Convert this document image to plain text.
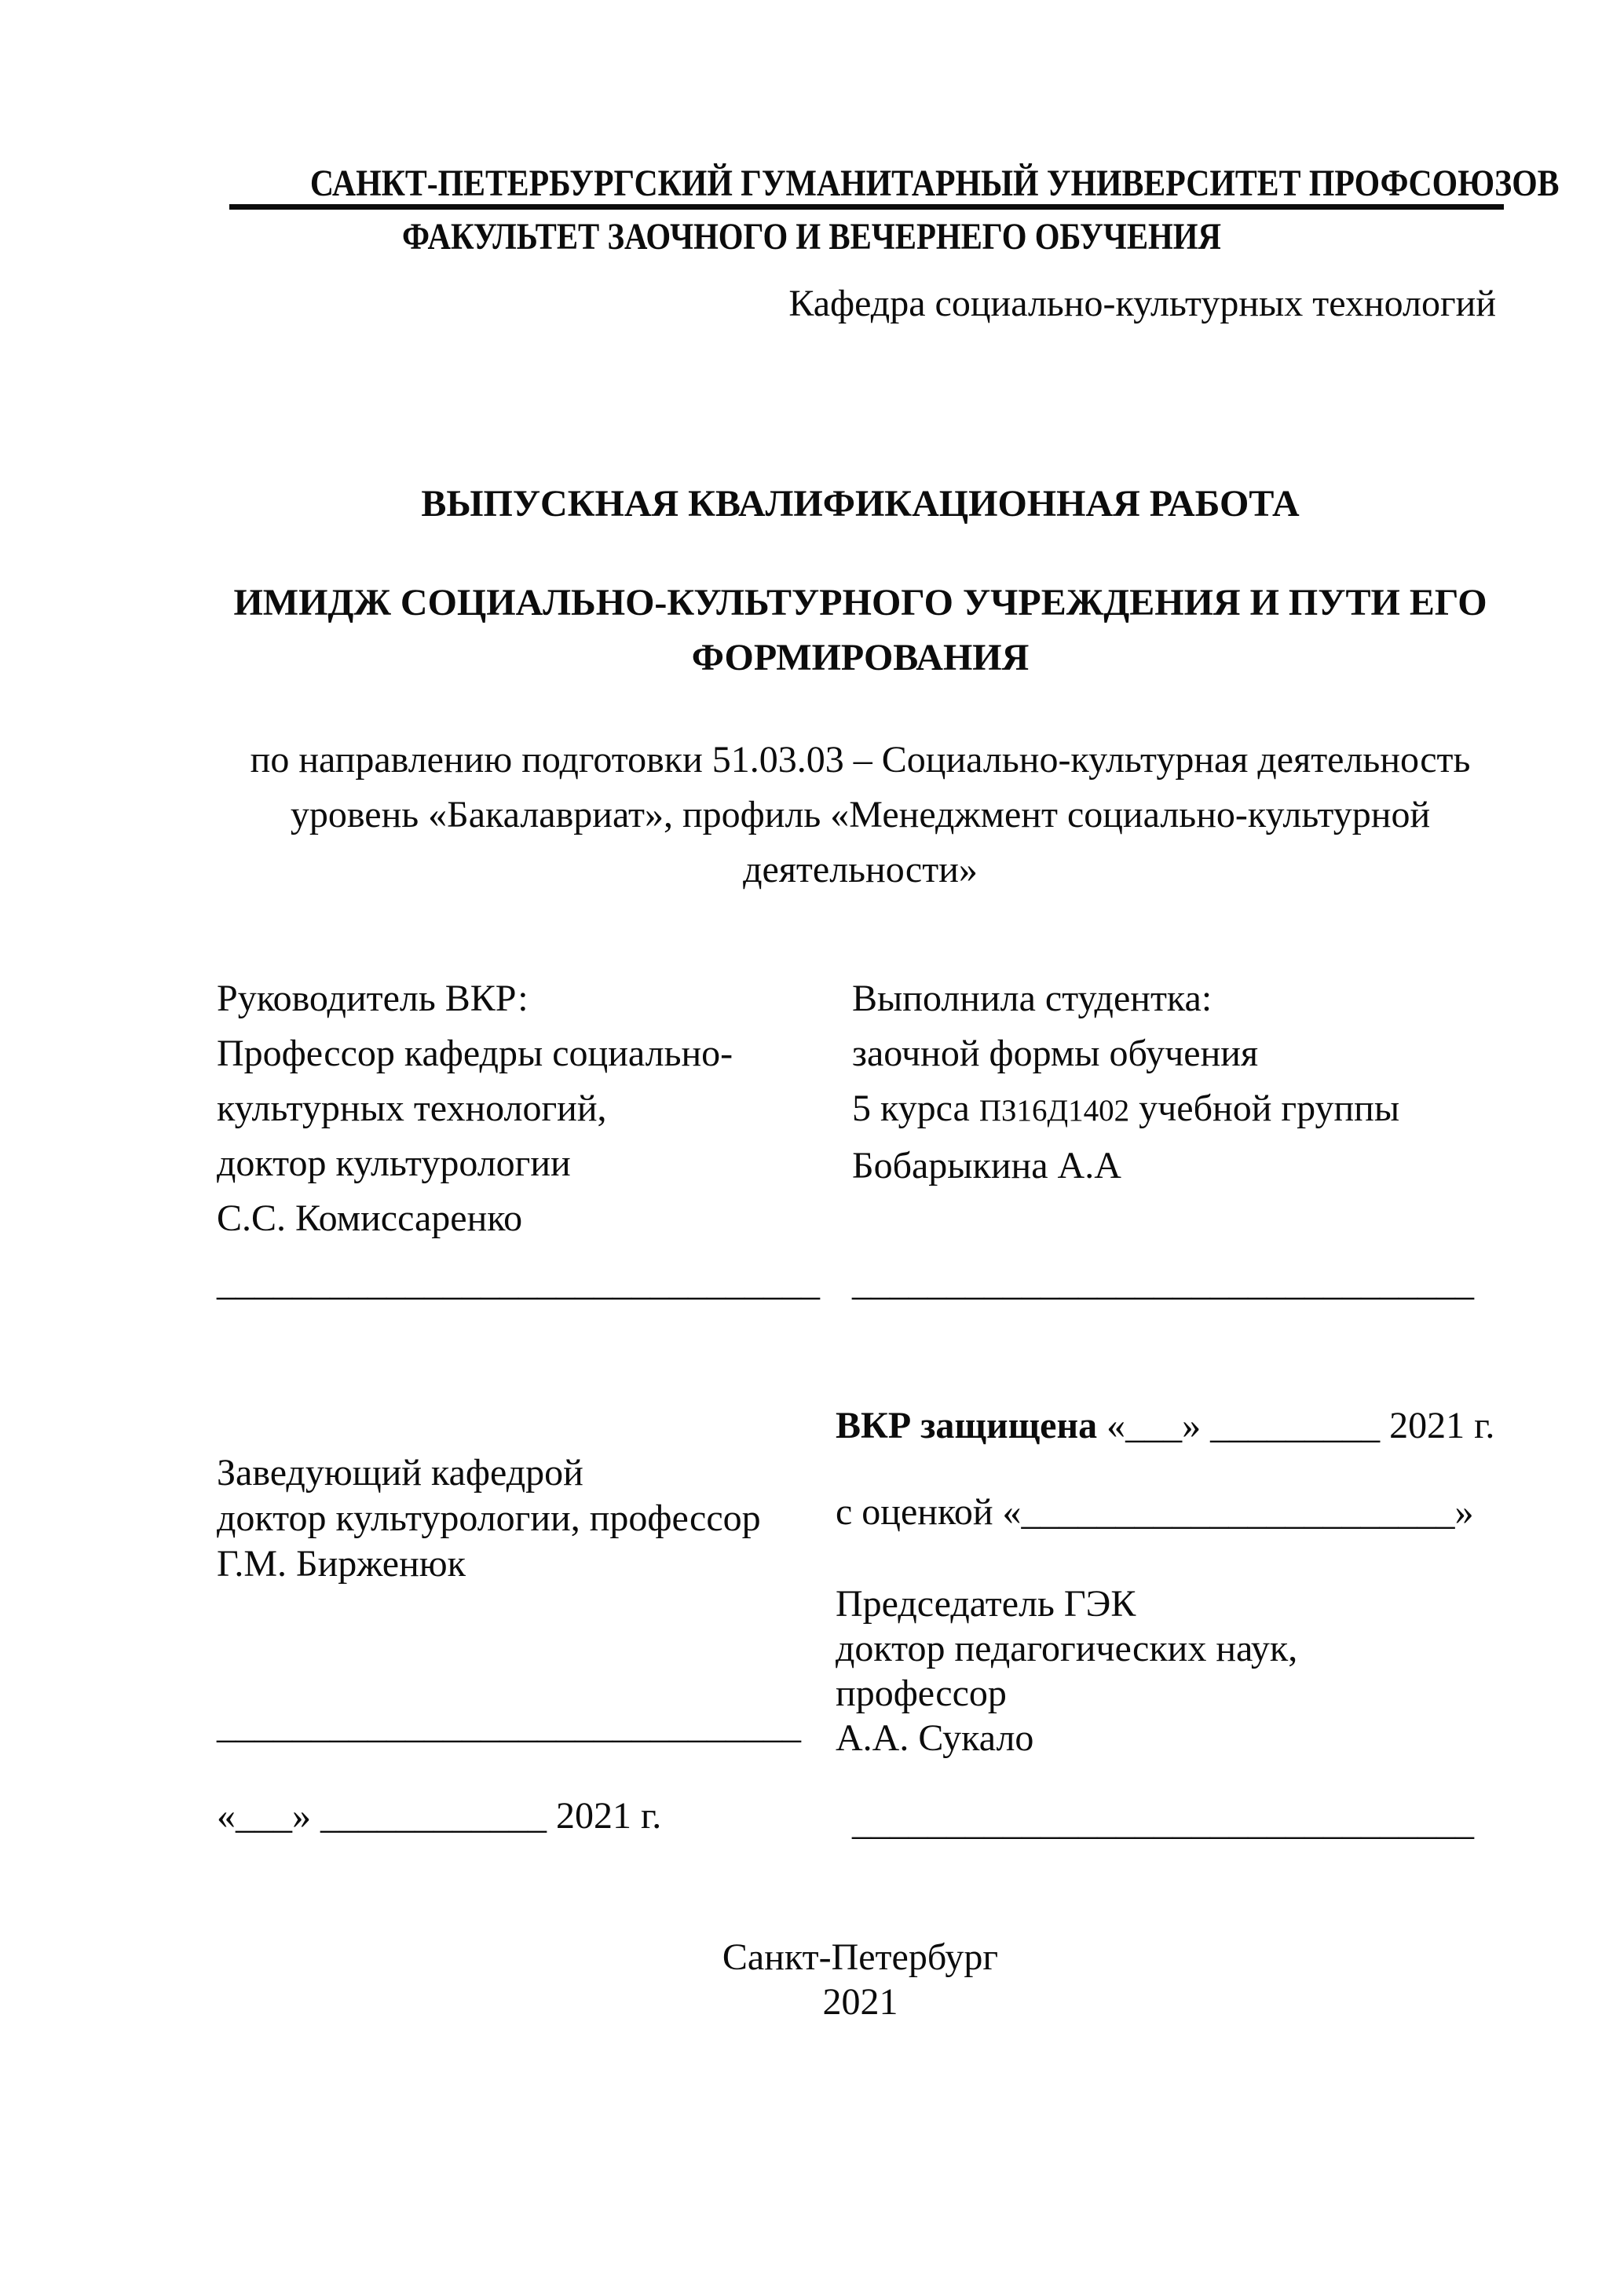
САНКТ-ПЕТЕРБУРГСКИЙ ГУМАНИТАРНЫЙ УНИВЕРСИТЕТ ПРОФСОЮЗОВ
ФАКУЛЬТЕТ ЗАОЧНОГО И ВЕЧЕРНЕГО ОБУЧЕНИЯ
Кафедра социально-культурных технологий
ВЫПУСКНАЯ КВАЛИФИКАЦИОННАЯ РАБОТА
ИМИДЖ СОЦИАЛЬНО-КУЛЬТУРНОГО УЧРЕЖДЕНИЯ И ПУТИ ЕГО
ФОРМИРОВАНИЯ
по направлению подготовки 51.03.03 – Социально-культурная деятельность
уровень «Бакалавриат», профиль «Менеджмент социально-культурной
деятельности»
Руководитель ВКР:
Профессор кафедры социально-
культурных технологий,
доктор культурологии
С.С. Комиссаренко
Выполнила студентка:
заочной формы обучения
5 курса ПЗ16Д1402 учебной группы
Бобарыкина А.А
________________________________ _________________________________
ВКР защищена «___» _________ 2021 г.
с оценкой «_______________________»
Заведующий кафедрой
доктор культурологии, профессор
Г.М. Бирженюк
Председатель ГЭК
доктор педагогических наук,
профессор
А.А. Сукало
_______________________________
«___» ____________ 2021 г.	_________________________________
Санкт-Петербург
2021
